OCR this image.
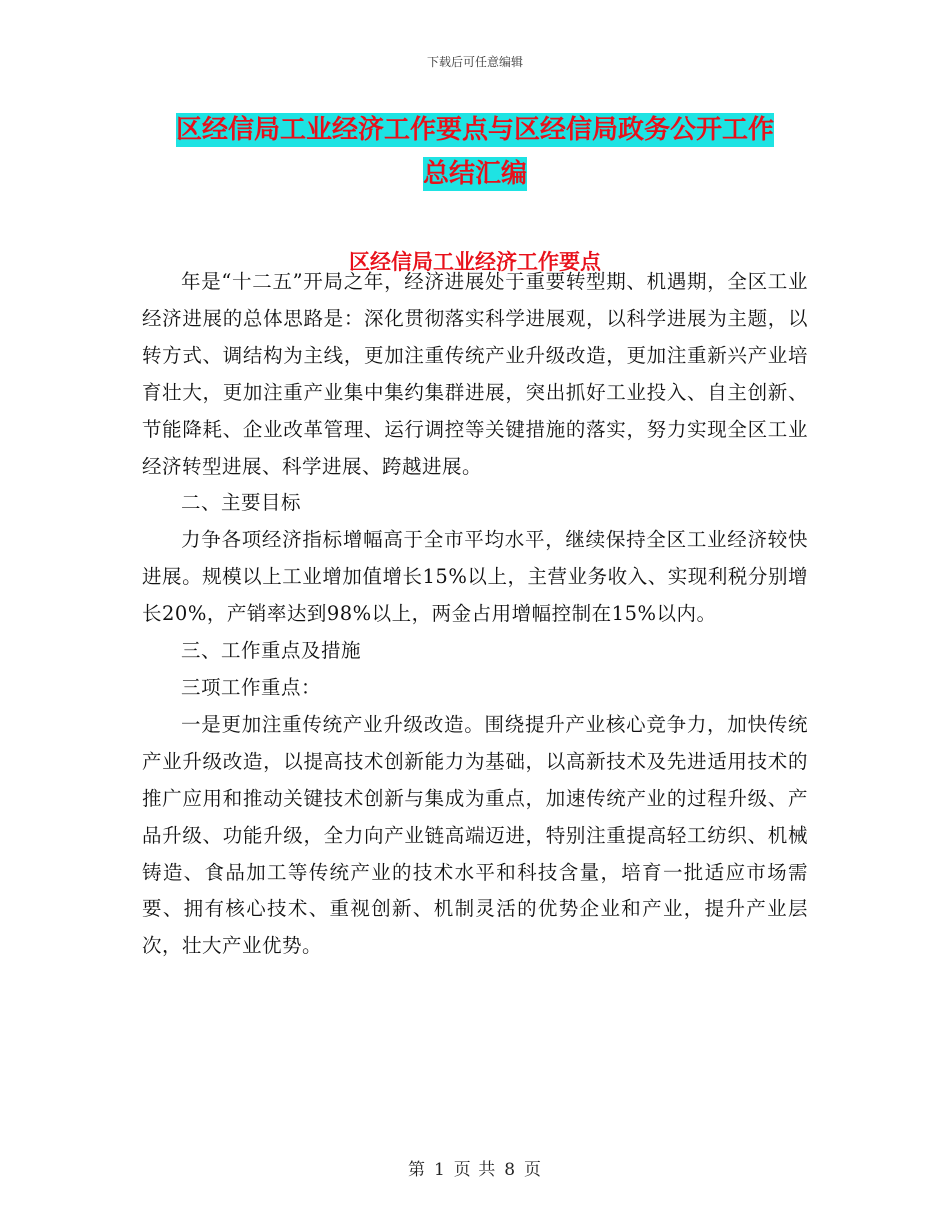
下载后可任意编辑
区经信局工业经济工作要点与区经信局政务公开工作
总结汇编
区经信局工业经济工作要点

年是“十二五”开局之年，经济进展处于重要转型期、机遇期，全区工业经济进展的总体思路是：深化贯彻落实科学进展观，以科学进展为主题，以转方式、调结构为主线，更加注重传统产业升级改造，更加注重新兴产业培育壮大，更加注重产业集中集约集群进展，突出抓好工业投入、自主创新、节能降耗、企业改革管理、运行调控等关键措施的落实，努力实现全区工业经济转型进展、科学进展、跨越进展。

二、主要目标

力争各项经济指标增幅高于全市平均水平，继续保持全区工业经济较快进展。规模以上工业增加值增长15%以上，主营业务收入、实现利税分别增长20%，产销率达到98%以上，两金占用增幅控制在15%以内。

三、工作重点及措施

三项工作重点：

一是更加注重传统产业升级改造。围绕提升产业核心竞争力，加快传统产业升级改造，以提高技术创新能力为基础，以高新技术及先进适用技术的推广应用和推动关键技术创新与集成为重点，加速传统产业的过程升级、产品升级、功能升级，全力向产业链高端迈进，特别注重提高轻工纺织、机械铸造、食品加工等传统产业的技术水平和科技含量，培育一批适应市场需要、拥有核心技术、重视创新、机制灵活的优势企业和产业，提升产业层次，壮大产业优势。

第 1 页 共 8 页
